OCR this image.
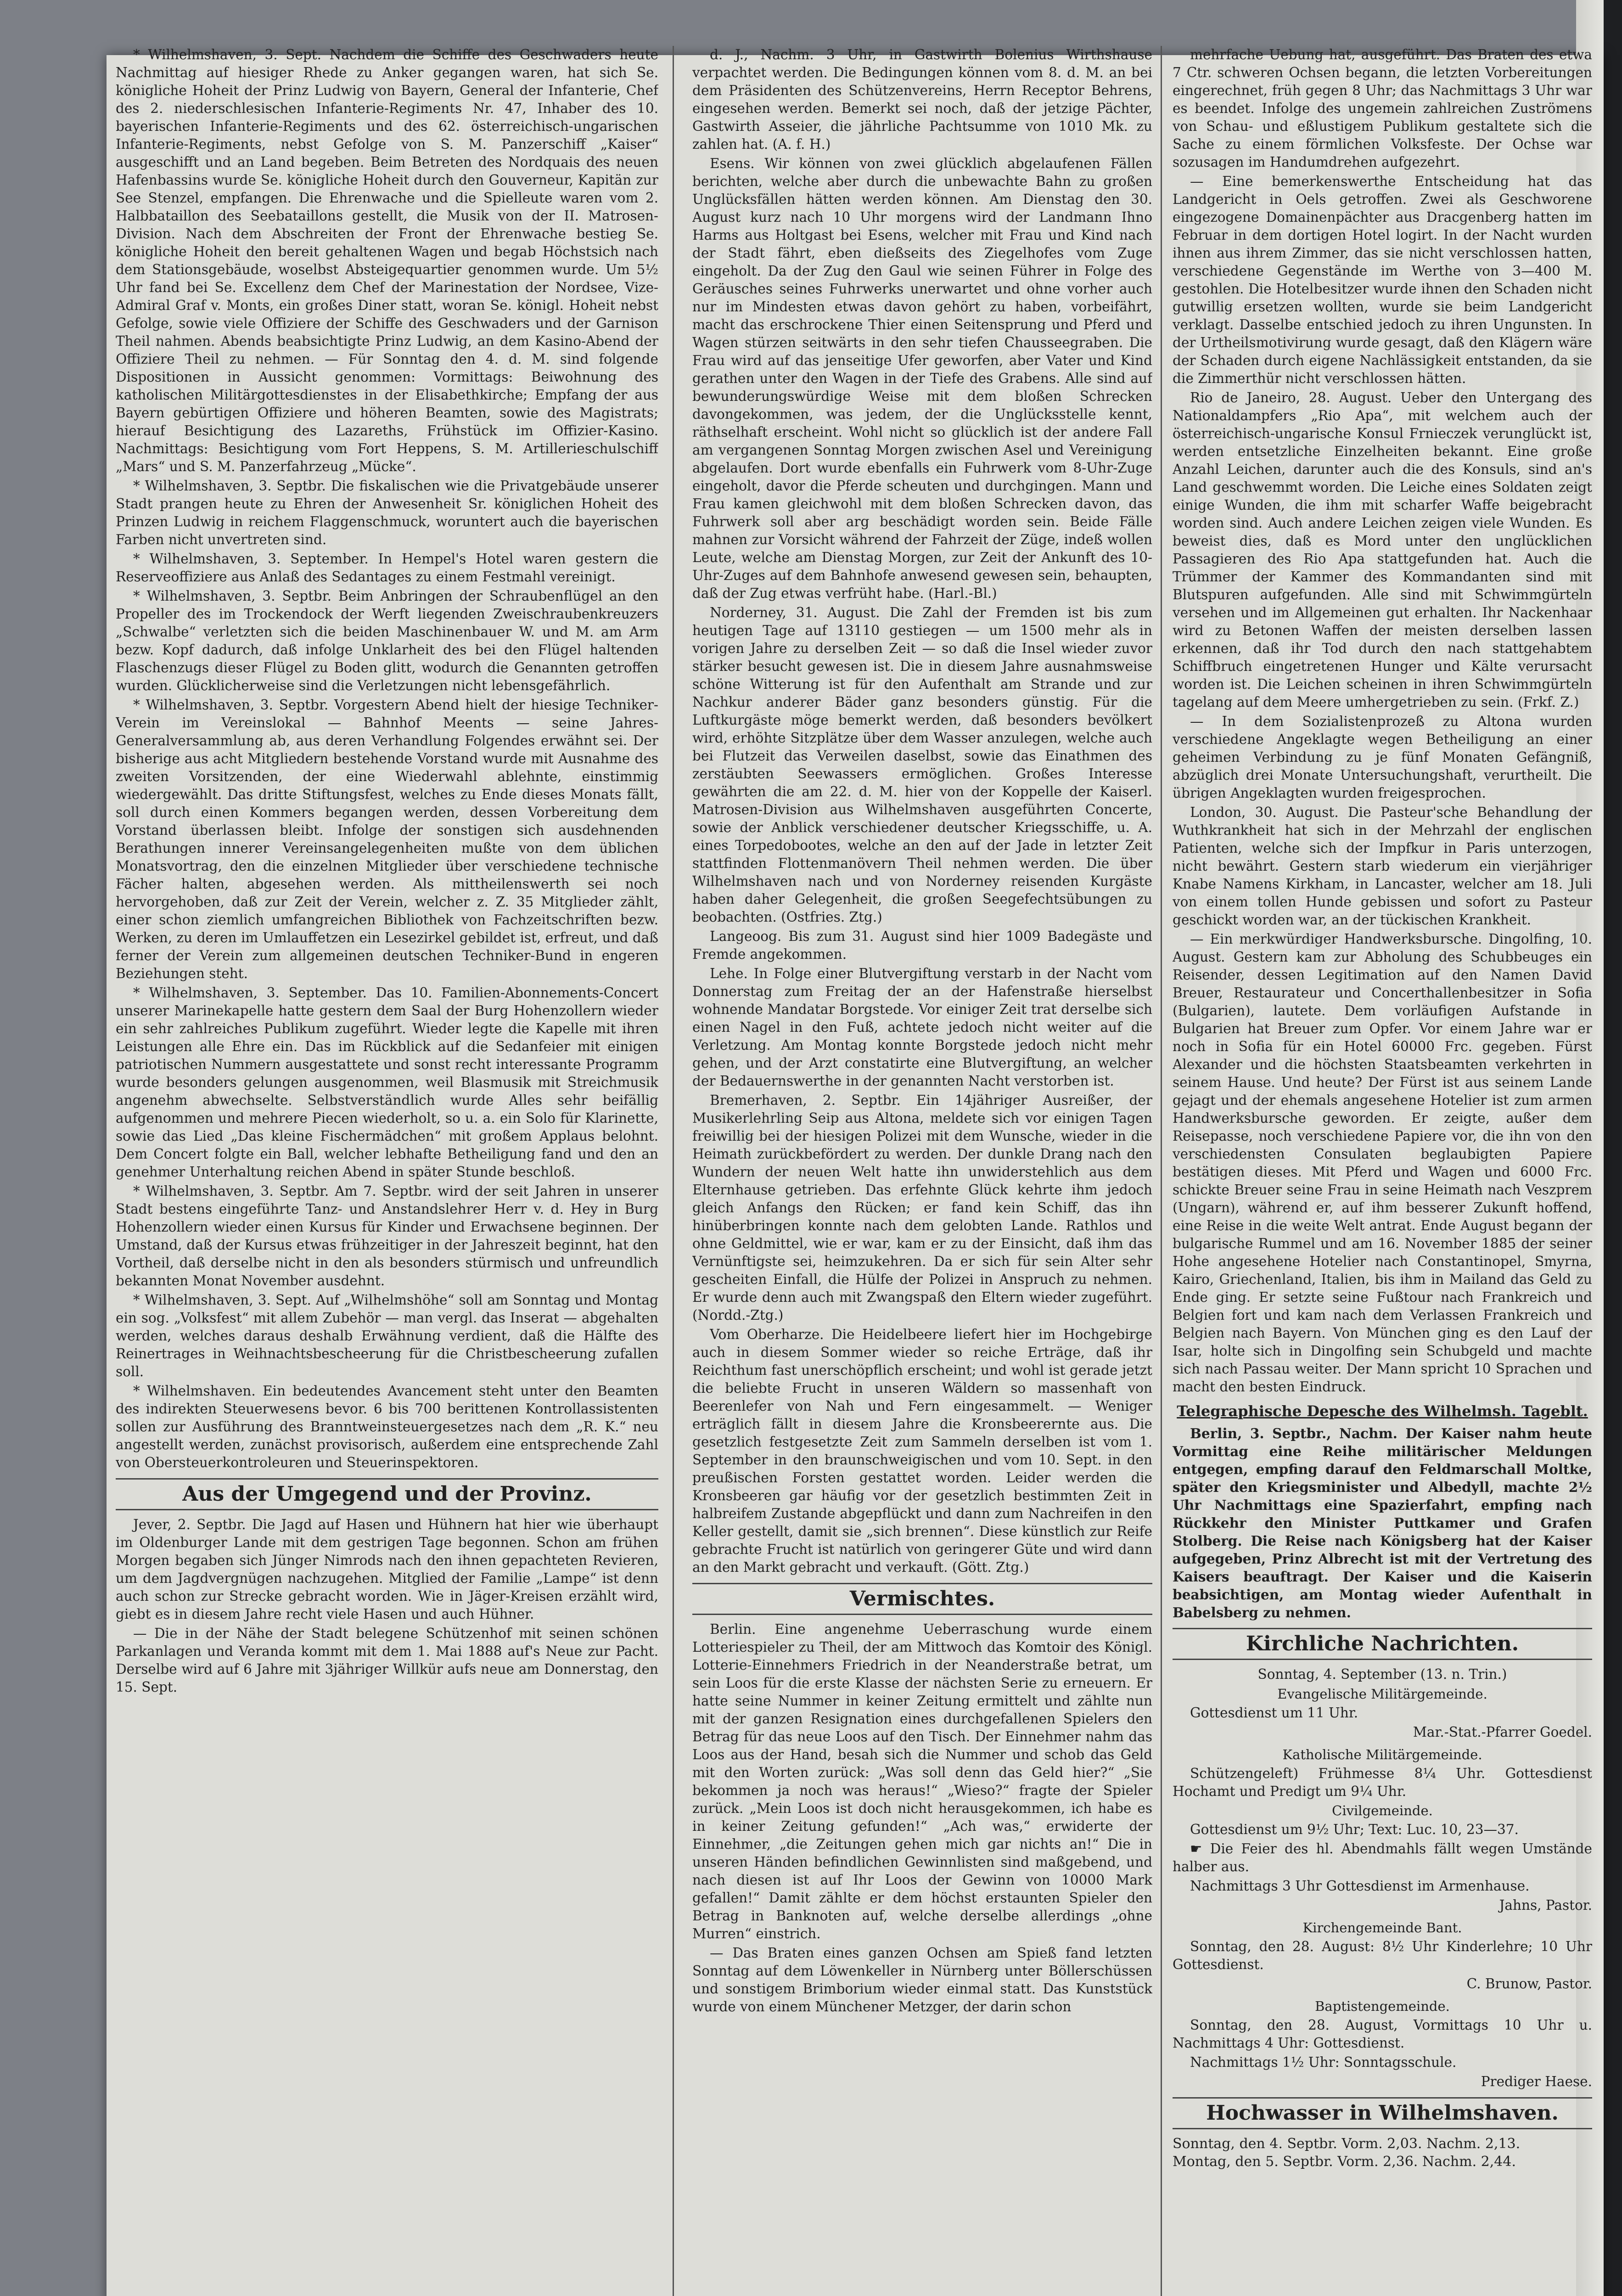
* Wilhelmshaven, 3. Sept. Nachdem die Schiffe des Geschwaders heute Nachmittag auf hiesiger Rhede zu Anker gegangen waren, hat sich Se. königliche Hoheit der Prinz Ludwig von Bayern, General der Infanterie, Chef des 2. niederschlesischen Infanterie-Regiments Nr. 47, Inhaber des 10. bayerischen Infanterie-Regiments und des 62. österreichisch-ungarischen Infanterie-Regiments, nebst Gefolge von S. M. Panzerschiff „Kaiser“ ausgeschifft und an Land begeben. Beim Betreten des Nordquais des neuen Hafenbassins wurde Se. königliche Hoheit durch den Gouverneur, Kapitän zur See Stenzel, empfangen. Die Ehrenwache und die Spielleute waren vom 2. Halbbataillon des Seebataillons gestellt, die Musik von der II. Matrosen-Division. Nach dem Abschreiten der Front der Ehrenwache bestieg Se. königliche Hoheit den bereit gehaltenen Wagen und begab Höchstsich nach dem Stationsgebäude, woselbst Absteigequartier genommen wurde. Um 5½ Uhr fand bei Se. Excellenz dem Chef der Marinestation der Nordsee, Vize-Admiral Graf v. Monts, ein großes Diner statt, woran Se. königl. Hoheit nebst Gefolge, sowie viele Offiziere der Schiffe des Geschwaders und der Garnison Theil nahmen. Abends beabsichtigte Prinz Ludwig, an dem Kasino-Abend der Offiziere Theil zu nehmen. — Für Sonntag den 4. d. M. sind folgende Dispositionen in Aussicht genommen: Vormittags: Beiwohnung des katholischen Militärgottesdienstes in der Elisabethkirche; Empfang der aus Bayern gebürtigen Offiziere und höheren Beamten, sowie des Magistrats; hierauf Besichtigung des Lazareths, Frühstück im Offizier-Kasino. Nachmittags: Besichtigung vom Fort Heppens, S. M. Artillerieschulschiff „Mars“ und S. M. Panzerfahrzeug „Mücke“.

* Wilhelmshaven, 3. Septbr. Die fiskalischen wie die Privatgebäude unserer Stadt prangen heute zu Ehren der Anwesenheit Sr. königlichen Hoheit des Prinzen Ludwig in reichem Flaggenschmuck, woruntert auch die bayerischen Farben nicht unvertreten sind.

* Wilhelmshaven, 3. September. In Hempel's Hotel waren gestern die Reserveoffiziere aus Anlaß des Sedantages zu einem Festmahl vereinigt.

* Wilhelmshaven, 3. Septbr. Beim Anbringen der Schraubenflügel an den Propeller des im Trockendock der Werft liegenden Zweischraubenkreuzers „Schwalbe“ verletzten sich die beiden Maschinenbauer W. und M. am Arm bezw. Kopf dadurch, daß infolge Unklarheit des bei den Flügel haltenden Flaschenzugs dieser Flügel zu Boden glitt, wodurch die Genannten getroffen wurden. Glücklicherweise sind die Verletzungen nicht lebensgefährlich.

* Wilhelmshaven, 3. Septbr. Vorgestern Abend hielt der hiesige Techniker-Verein im Vereinslokal — Bahnhof Meents — seine Jahres-Generalversammlung ab, aus deren Verhandlung Folgendes erwähnt sei. Der bisherige aus acht Mitgliedern bestehende Vorstand wurde mit Ausnahme des zweiten Vorsitzenden, der eine Wiederwahl ablehnte, einstimmig wiedergewählt. Das dritte Stiftungsfest, welches zu Ende dieses Monats fällt, soll durch einen Kommers begangen werden, dessen Vorbereitung dem Vorstand überlassen bleibt. Infolge der sonstigen sich ausdehnenden Berathungen innerer Vereinsangelegenheiten mußte von dem üblichen Monatsvortrag, den die einzelnen Mitglieder über verschiedene technische Fächer halten, abgesehen werden. Als mittheilenswerth sei noch hervorgehoben, daß zur Zeit der Verein, welcher z. Z. 35 Mitglieder zählt, einer schon ziemlich umfangreichen Bibliothek von Fachzeitschriften bezw. Werken, zu deren im Umlauffetzen ein Lesezirkel gebildet ist, erfreut, und daß ferner der Verein zum allgemeinen deutschen Techniker-Bund in engeren Beziehungen steht.

* Wilhelmshaven, 3. September. Das 10. Familien-Abonnements-Concert unserer Marinekapelle hatte gestern dem Saal der Burg Hohenzollern wieder ein sehr zahlreiches Publikum zugeführt. Wieder legte die Kapelle mit ihren Leistungen alle Ehre ein. Das im Rückblick auf die Sedanfeier mit einigen patriotischen Nummern ausgestattete und sonst recht interessante Programm wurde besonders gelungen ausgenommen, weil Blasmusik mit Streichmusik angenehm abwechselte. Selbstverständlich wurde Alles sehr beifällig aufgenommen und mehrere Piecen wiederholt, so u. a. ein Solo für Klarinette, sowie das Lied „Das kleine Fischermädchen“ mit großem Applaus belohnt. Dem Concert folgte ein Ball, welcher lebhafte Betheiligung fand und den an genehmer Unterhaltung reichen Abend in später Stunde beschloß.

* Wilhelmshaven, 3. Septbr. Am 7. Septbr. wird der seit Jahren in unserer Stadt bestens eingeführte Tanz- und Anstandslehrer Herr v. d. Hey in Burg Hohenzollern wieder einen Kursus für Kinder und Erwachsene beginnen. Der Umstand, daß der Kursus etwas frühzeitiger in der Jahreszeit beginnt, hat den Vortheil, daß derselbe nicht in den als besonders stürmisch und unfreundlich bekannten Monat November ausdehnt.

* Wilhelmshaven, 3. Sept. Auf „Wilhelmshöhe“ soll am Sonntag und Montag ein sog. „Volksfest“ mit allem Zubehör — man vergl. das Inserat — abgehalten werden, welches daraus deshalb Erwähnung verdient, daß die Hälfte des Reinertrages in Weihnachtsbescheerung für die Christbescheerung zufallen soll.

* Wilhelmshaven. Ein bedeutendes Avancement steht unter den Beamten des indirekten Steuerwesens bevor. 6 bis 700 berittenen Kontrollassistenten sollen zur Ausführung des Branntweinsteuergesetzes nach dem „R. K.“ neu angestellt werden, zunächst provisorisch, außerdem eine entsprechende Zahl von Obersteuerkontroleuren und Steuerinspektoren.

Aus der Umgegend und der Provinz.

Jever, 2. Septbr. Die Jagd auf Hasen und Hühnern hat hier wie überhaupt im Oldenburger Lande mit dem gestrigen Tage begonnen. Schon am frühen Morgen begaben sich Jünger Nimrods nach den ihnen gepachteten Revieren, um dem Jagdvergnügen nachzugehen. Mitglied der Familie „Lampe“ ist denn auch schon zur Strecke gebracht worden. Wie in Jäger-Kreisen erzählt wird, giebt es in diesem Jahre recht viele Hasen und auch Hühner.

— Die in der Nähe der Stadt belegene Schützenhof mit seinen schönen Parkanlagen und Veranda kommt mit dem 1. Mai 1888 auf's Neue zur Pacht. Derselbe wird auf 6 Jahre mit 3jähriger Willkür aufs neue am Donnerstag, den 15. Sept.

d. J., Nachm. 3 Uhr, in Gastwirth Bolenius Wirthshause verpachtet werden. Die Bedingungen können vom 8. d. M. an bei dem Präsidenten des Schützenvereins, Herrn Receptor Behrens, eingesehen werden. Bemerkt sei noch, daß der jetzige Pächter, Gastwirth Asseier, die jährliche Pachtsumme von 1010 Mk. zu zahlen hat. (A. f. H.)

Esens. Wir können von zwei glücklich abgelaufenen Fällen berichten, welche aber durch die unbewachte Bahn zu großen Unglücksfällen hätten werden können. Am Dienstag den 30. August kurz nach 10 Uhr morgens wird der Landmann Ihno Harms aus Holtgast bei Esens, welcher mit Frau und Kind nach der Stadt fährt, eben dießseits des Ziegelhofes vom Zuge eingeholt. Da der Zug den Gaul wie seinen Führer in Folge des Geräusches seines Fuhrwerks unerwartet und ohne vorher auch nur im Mindesten etwas davon gehört zu haben, vorbeifährt, macht das erschrockene Thier einen Seitensprung und Pferd und Wagen stürzen seitwärts in den sehr tiefen Chausseegraben. Die Frau wird auf das jenseitige Ufer geworfen, aber Vater und Kind gerathen unter den Wagen in der Tiefe des Grabens. Alle sind auf bewunderungswürdige Weise mit dem bloßen Schrecken davongekommen, was jedem, der die Unglücksstelle kennt, räthselhaft erscheint. Wohl nicht so glücklich ist der andere Fall am vergangenen Sonntag Morgen zwischen Asel und Vereinigung abgelaufen. Dort wurde ebenfalls ein Fuhrwerk vom 8-Uhr-Zuge eingeholt, davor die Pferde scheuten und durchgingen. Mann und Frau kamen gleichwohl mit dem bloßen Schrecken davon, das Fuhrwerk soll aber arg beschädigt worden sein. Beide Fälle mahnen zur Vorsicht während der Fahrzeit der Züge, indeß wollen Leute, welche am Dienstag Morgen, zur Zeit der Ankunft des 10-Uhr-Zuges auf dem Bahnhofe anwesend gewesen sein, behaupten, daß der Zug etwas verfrüht habe. (Harl.-Bl.)

Norderney, 31. August. Die Zahl der Fremden ist bis zum heutigen Tage auf 13110 gestiegen — um 1500 mehr als in vorigen Jahre zu derselben Zeit — so daß die Insel wieder zuvor stärker besucht gewesen ist. Die in diesem Jahre ausnahmsweise schöne Witterung ist für den Aufenthalt am Strande und zur Nachkur anderer Bäder ganz besonders günstig. Für die Luftkurgäste möge bemerkt werden, daß besonders bevölkert wird, erhöhte Sitzplätze über dem Wasser anzulegen, welche auch bei Flutzeit das Verweilen daselbst, sowie das Einathmen des zerstäubten Seewassers ermöglichen. Großes Interesse gewährten die am 22. d. M. hier von der Koppelle der Kaiserl. Matrosen-Division aus Wilhelmshaven ausgeführten Concerte, sowie der Anblick verschiedener deutscher Kriegsschiffe, u. A. eines Torpedobootes, welche an den auf der Jade in letzter Zeit stattfinden Flottenmanövern Theil nehmen werden. Die über Wilhelmshaven nach und von Norderney reisenden Kurgäste haben daher Gelegenheit, die großen Seegefechtsübungen zu beobachten. (Ostfries. Ztg.)

Langeoog. Bis zum 31. August sind hier 1009 Badegäste und Fremde angekommen.

Lehe. In Folge einer Blutvergiftung verstarb in der Nacht vom Donnerstag zum Freitag der an der Hafenstraße hierselbst wohnende Mandatar Borgstede. Vor einiger Zeit trat derselbe sich einen Nagel in den Fuß, achtete jedoch nicht weiter auf die Verletzung. Am Montag konnte Borgstede jedoch nicht mehr gehen, und der Arzt constatirte eine Blutvergiftung, an welcher der Bedauernswerthe in der genannten Nacht verstorben ist.

Bremerhaven, 2. Septbr. Ein 14jähriger Ausreißer, der Musikerlehrling Seip aus Altona, meldete sich vor einigen Tagen freiwillig bei der hiesigen Polizei mit dem Wunsche, wieder in die Heimath zurückbefördert zu werden. Der dunkle Drang nach den Wundern der neuen Welt hatte ihn unwiderstehlich aus dem Elternhause getrieben. Das erfehnte Glück kehrte ihm jedoch gleich Anfangs den Rücken; er fand kein Schiff, das ihn hinüberbringen konnte nach dem gelobten Lande. Rathlos und ohne Geldmittel, wie er war, kam er zu der Einsicht, daß ihm das Vernünftigste sei, heimzukehren. Da er sich für sein Alter sehr gescheiten Einfall, die Hülfe der Polizei in Anspruch zu nehmen. Er wurde denn auch mit Zwangspaß den Eltern wieder zugeführt. (Nordd.-Ztg.)

Vom Oberharze. Die Heidelbeere liefert hier im Hochgebirge auch in diesem Sommer wieder so reiche Erträge, daß ihr Reichthum fast unerschöpflich erscheint; und wohl ist gerade jetzt die beliebte Frucht in unseren Wäldern so massenhaft von Beerenlefer von Nah und Fern eingesammelt. — Weniger erträglich fällt in diesem Jahre die Kronsbeerernte aus. Die gesetzlich festgesetzte Zeit zum Sammeln derselben ist vom 1. September in den braunschweigischen und vom 10. Sept. in den preußischen Forsten gestattet worden. Leider werden die Kronsbeeren gar häufig vor der gesetzlich bestimmten Zeit in halbreifem Zustande abgepflückt und dann zum Nachreifen in den Keller gestellt, damit sie „sich brennen“. Diese künstlich zur Reife gebrachte Frucht ist natürlich von geringerer Güte und wird dann an den Markt gebracht und verkauft. (Gött. Ztg.)

Vermischtes.

Berlin. Eine angenehme Ueberraschung wurde einem Lotteriespieler zu Theil, der am Mittwoch das Komtoir des Königl. Lotterie-Einnehmers Friedrich in der Neanderstraße betrat, um sein Loos für die erste Klasse der nächsten Serie zu erneuern. Er hatte seine Nummer in keiner Zeitung ermittelt und zählte nun mit der ganzen Resignation eines durchgefallenen Spielers den Betrag für das neue Loos auf den Tisch. Der Einnehmer nahm das Loos aus der Hand, besah sich die Nummer und schob das Geld mit den Worten zurück: „Was soll denn das Geld hier?“ „Sie bekommen ja noch was heraus!“ „Wieso?“ fragte der Spieler zurück. „Mein Loos ist doch nicht herausgekommen, ich habe es in keiner Zeitung gefunden!“ „Ach was,“ erwiderte der Einnehmer, „die Zeitungen gehen mich gar nichts an!“ Die in unseren Händen befindlichen Gewinnlisten sind maßgebend, und nach diesen ist auf Ihr Loos der Gewinn von 10000 Mark gefallen!“ Damit zählte er dem höchst erstaunten Spieler den Betrag in Banknoten auf, welche derselbe allerdings „ohne Murren“ einstrich.

— Das Braten eines ganzen Ochsen am Spieß fand letzten Sonntag auf dem Löwenkeller in Nürnberg unter Böllerschüssen und sonstigem Brimborium wieder einmal statt. Das Kunststück wurde von einem Münchener Metzger, der darin schon

mehrfache Uebung hat, ausgeführt. Das Braten des etwa 7 Ctr. schweren Ochsen begann, die letzten Vorbereitungen eingerechnet, früh gegen 8 Uhr; das Nachmittags 3 Uhr war es beendet. Infolge des ungemein zahlreichen Zuströmens von Schau- und eßlustigem Publikum gestaltete sich die Sache zu einem förmlichen Volksfeste. Der Ochse war sozusagen im Handumdrehen aufgezehrt.

— Eine bemerkenswerthe Entscheidung hat das Landgericht in Oels getroffen. Zwei als Geschworene eingezogene Domainenpächter aus Dracgenberg hatten im Februar in dem dortigen Hotel logirt. In der Nacht wurden ihnen aus ihrem Zimmer, das sie nicht verschlossen hatten, verschiedene Gegenstände im Werthe von 3—400 M. gestohlen. Die Hotelbesitzer wurde ihnen den Schaden nicht gutwillig ersetzen wollten, wurde sie beim Landgericht verklagt. Dasselbe entschied jedoch zu ihren Ungunsten. In der Urtheilsmotivirung wurde gesagt, daß den Klägern wäre der Schaden durch eigene Nachlässigkeit entstanden, da sie die Zimmerthür nicht verschlossen hätten.

Rio de Janeiro, 28. August. Ueber den Untergang des Nationaldampfers „Rio Apa“, mit welchem auch der österreichisch-ungarische Konsul Frnieczek verunglückt ist, werden entsetzliche Einzelheiten bekannt. Eine große Anzahl Leichen, darunter auch die des Konsuls, sind an's Land geschwemmt worden. Die Leiche eines Soldaten zeigt einige Wunden, die ihm mit scharfer Waffe beigebracht worden sind. Auch andere Leichen zeigen viele Wunden. Es beweist dies, daß es Mord unter den unglücklichen Passagieren des Rio Apa stattgefunden hat. Auch die Trümmer der Kammer des Kommandanten sind mit Blutspuren aufgefunden. Alle sind mit Schwimmgürteln versehen und im Allgemeinen gut erhalten. Ihr Nackenhaar wird zu Betonen Waffen der meisten derselben lassen erkennen, daß ihr Tod durch den nach stattgehabtem Schiffbruch eingetretenen Hunger und Kälte verursacht worden ist. Die Leichen scheinen in ihren Schwimmgürteln tagelang auf dem Meere umhergetrieben zu sein. (Frkf. Z.)

— In dem Sozialistenprozeß zu Altona wurden verschiedene Angeklagte wegen Betheiligung an einer geheimen Verbindung zu je fünf Monaten Gefängniß, abzüglich drei Monate Untersuchungshaft, verurtheilt. Die übrigen Angeklagten wurden freigesprochen.

London, 30. August. Die Pasteur'sche Behandlung der Wuthkrankheit hat sich in der Mehrzahl der englischen Patienten, welche sich der Impfkur in Paris unterzogen, nicht bewährt. Gestern starb wiederum ein vierjähriger Knabe Namens Kirkham, in Lancaster, welcher am 18. Juli von einem tollen Hunde gebissen und sofort zu Pasteur geschickt worden war, an der tückischen Krankheit.

— Ein merkwürdiger Handwerksbursche. Dingolfing, 10. August. Gestern kam zur Abholung des Schubbeuges ein Reisender, dessen Legitimation auf den Namen David Breuer, Restaurateur und Concerthallenbesitzer in Sofia (Bulgarien), lautete. Dem vorläufigen Aufstande in Bulgarien hat Breuer zum Opfer. Vor einem Jahre war er noch in Sofia für ein Hotel 60000 Frc. gegeben. Fürst Alexander und die höchsten Staatsbeamten verkehrten in seinem Hause. Und heute? Der Fürst ist aus seinem Lande gejagt und der ehemals angesehene Hotelier ist zum armen Handwerksbursche geworden. Er zeigte, außer dem Reisepasse, noch verschiedene Papiere vor, die ihn von den verschiedensten Consulaten beglaubigten Papiere bestätigen dieses. Mit Pferd und Wagen und 6000 Frc. schickte Breuer seine Frau in seine Heimath nach Veszprem (Ungarn), während er, auf ihm besserer Zukunft hoffend, eine Reise in die weite Welt antrat. Ende August begann der bulgarische Rummel und am 16. November 1885 der seiner Hohe angesehene Hotelier nach Constantinopel, Smyrna, Kairo, Griechenland, Italien, bis ihm in Mailand das Geld zu Ende ging. Er setzte seine Fußtour nach Frankreich und Belgien fort und kam nach dem Verlassen Frankreich und Belgien nach Bayern. Von München ging es den Lauf der Isar, holte sich in Dingolfing sein Schubgeld und machte sich nach Passau weiter. Der Mann spricht 10 Sprachen und macht den besten Eindruck.

Telegraphische Depesche des Wilhelmsh. Tageblt.

Berlin, 3. Septbr., Nachm. Der Kaiser nahm heute Vormittag eine Reihe militärischer Meldungen entgegen, empfing darauf den Feldmarschall Moltke, später den Kriegsminister und Albedyll, machte 2½ Uhr Nachmittags eine Spazierfahrt, empfing nach Rückkehr den Minister Puttkamer und Grafen Stolberg. Die Reise nach Königsberg hat der Kaiser aufgegeben, Prinz Albrecht ist mit der Vertretung des Kaisers beauftragt. Der Kaiser und die Kaiserin beabsichtigen, am Montag wieder Aufenthalt in Babelsberg zu nehmen.

Kirchliche Nachrichten.

Sonntag, 4. September (13. n. Trin.)

Evangelische Militärgemeinde.

Gottesdienst um 11 Uhr.

Mar.-Stat.-Pfarrer Goedel.

Katholische Militärgemeinde.

Schützengeleft) Frühmesse 8¼ Uhr. Gottesdienst Hochamt und Predigt um 9¼ Uhr.

Civilgemeinde.

Gottesdienst um 9½ Uhr; Text: Luc. 10, 23—37.

☛ Die Feier des hl. Abendmahls fällt wegen Umstände halber aus.

Nachmittags 3 Uhr Gottesdienst im Armenhause.

Jahns, Pastor.

Kirchengemeinde Bant.

Sonntag, den 28. August: 8½ Uhr Kinderlehre; 10 Uhr Gottesdienst.

C. Brunow, Pastor.

Baptistengemeinde.

Sonntag, den 28. August, Vormittags 10 Uhr u. Nachmittags 4 Uhr: Gottesdienst.

Nachmittags 1½ Uhr: Sonntagsschule.

Prediger Haese.

Hochwasser in Wilhelmshaven.

Sonntag, den 4. Septbr. Vorm. 2,03. Nachm. 2,13.

Montag, den 5. Septbr. Vorm. 2,36. Nachm. 2,44.
